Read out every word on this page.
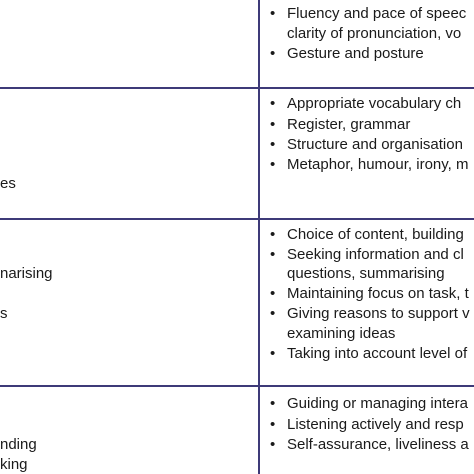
es
narising
s
nding
king
• Fluency and pace of speec
clarity of pronunciation, vo
• Gesture and posture
• Appropriate vocabulary ch
• Register, grammar
• Structure and organisation
• Metaphor, humour, irony, m
• Choice of content, building
• Seeking information and cl
questions, summarising
• Maintaining focus on task, t
• Giving reasons to support v
examining ideas
• Taking into account level of
• Guiding or managing intera
• Listening actively and resp
• Self-assurance, liveliness a
